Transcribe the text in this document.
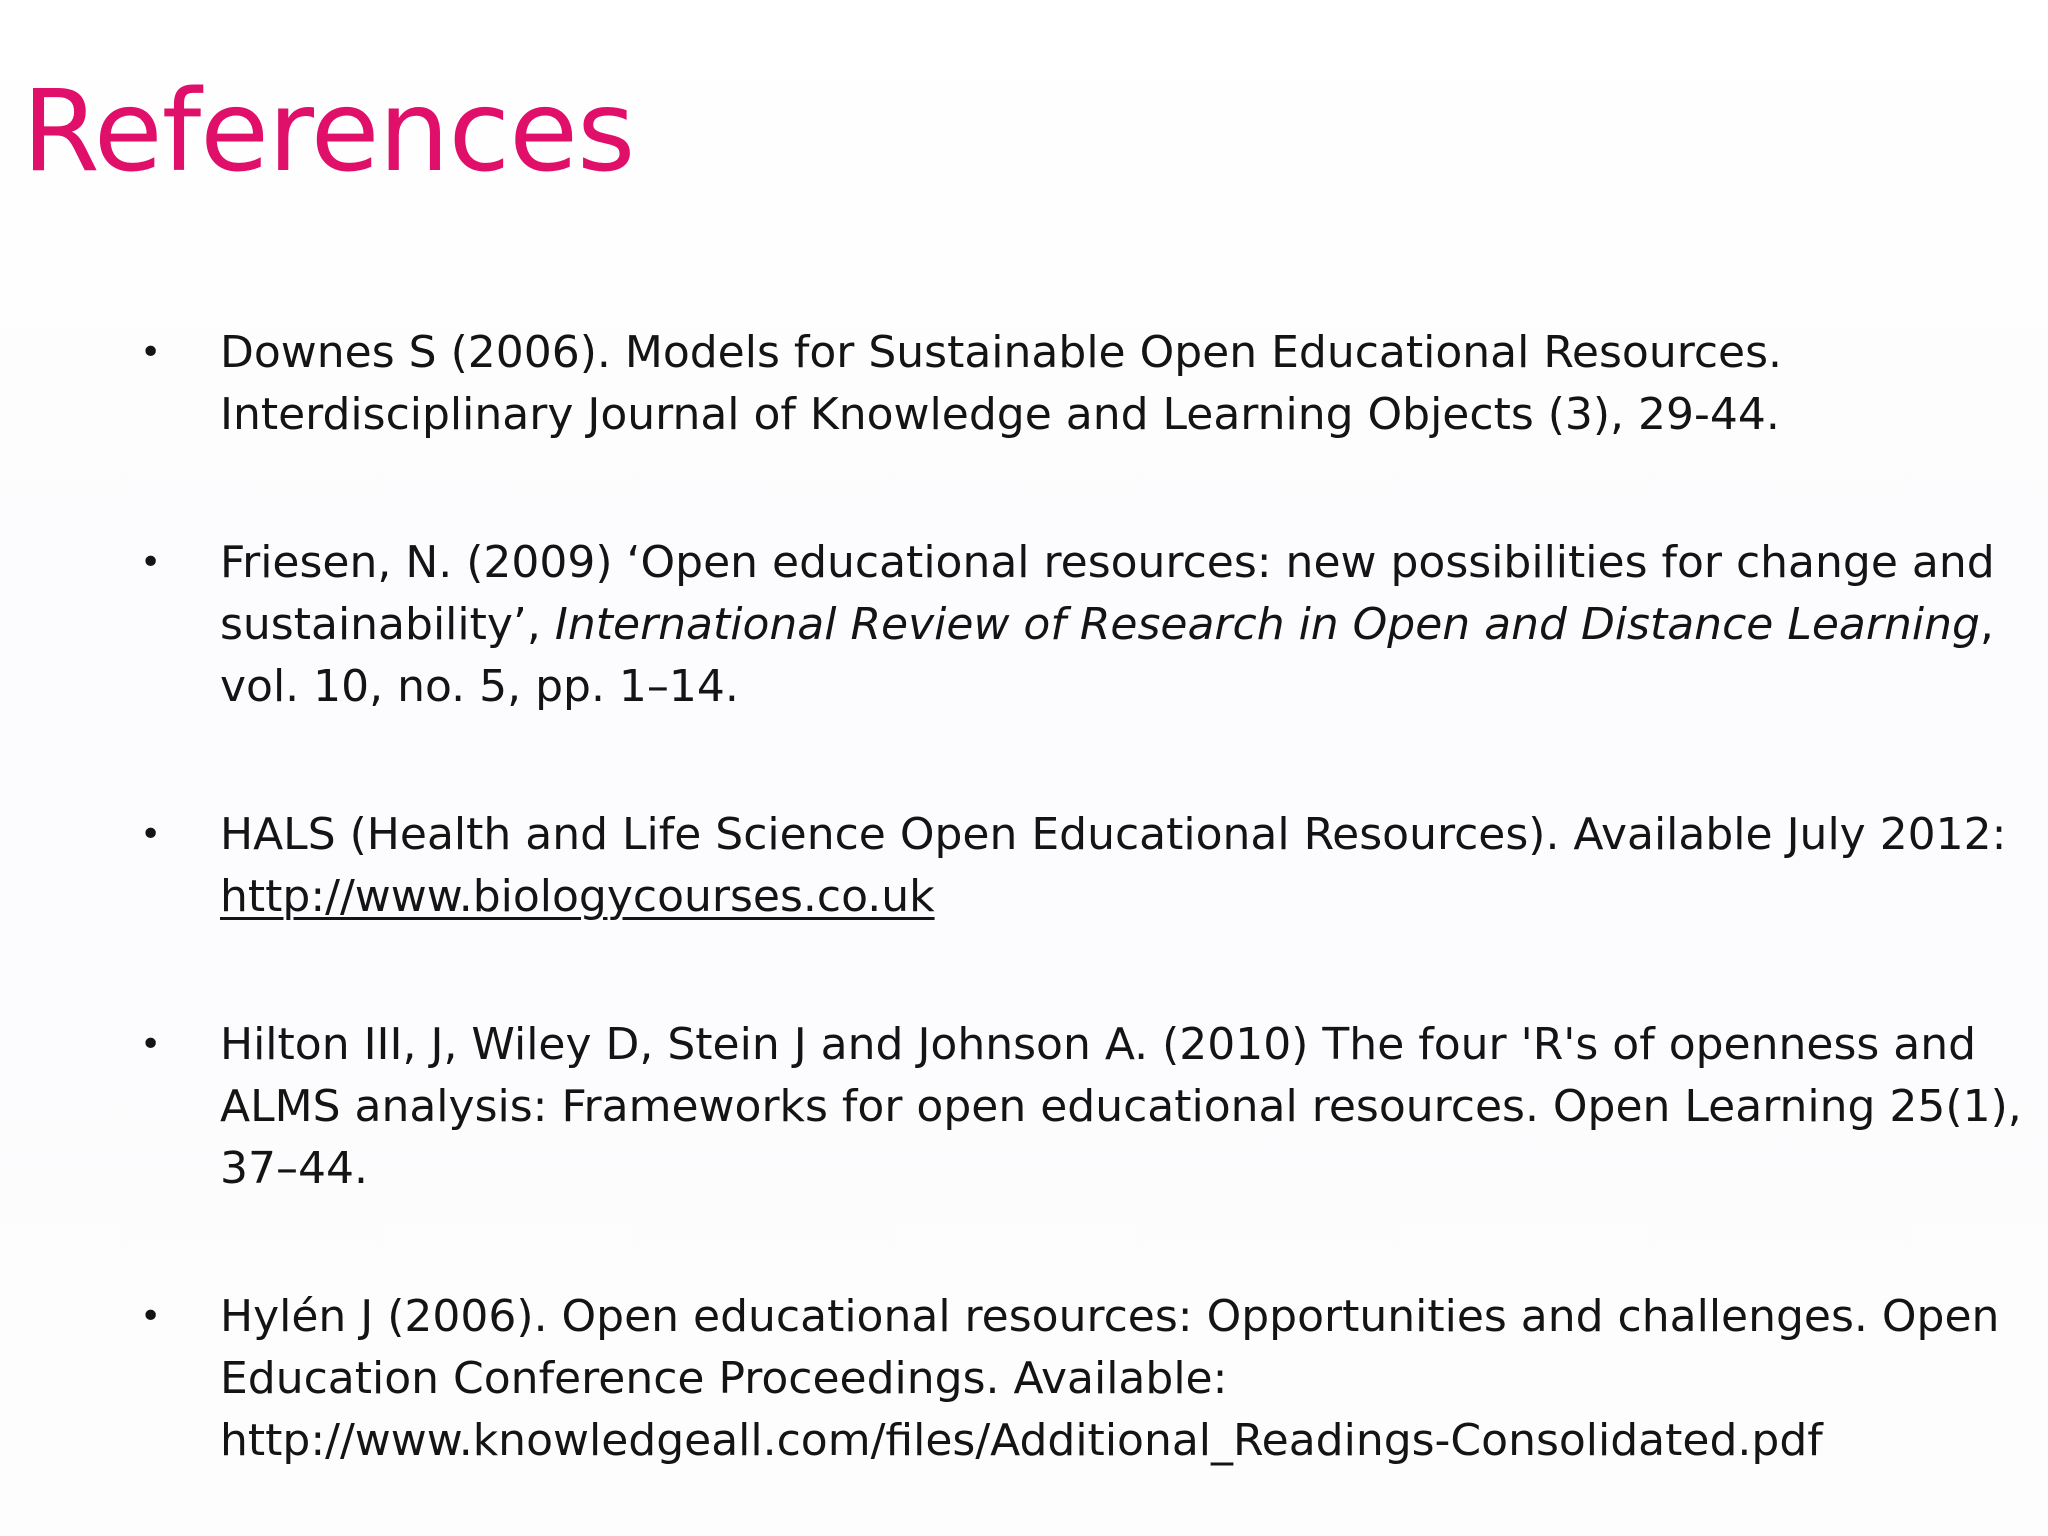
References
• Downes S (2006). Models for Sustainable Open Educational Resources.
Interdisciplinary Journal of Knowledge and Learning Objects (3), 29-44.
• Friesen, N. (2009) ‘Open educational resources: new possibilities for change and
sustainability’, International Review of Research in Open and Distance Learning,
vol. 10, no. 5, pp. 1–14.
• HALS (Health and Life Science Open Educational Resources). Available July 2012:
http://www.biologycourses.co.uk
• Hilton III, J, Wiley D, Stein J and Johnson A. (2010) The four 'R's of openness and
ALMS analysis: Frameworks for open educational resources. Open Learning 25(1),
37–44.
• Hylén J (2006). Open educational resources: Opportunities and challenges. Open
Education Conference Proceedings. Available:
http://www.knowledgeall.com/files/Additional_Readings-Consolidated.pdf
